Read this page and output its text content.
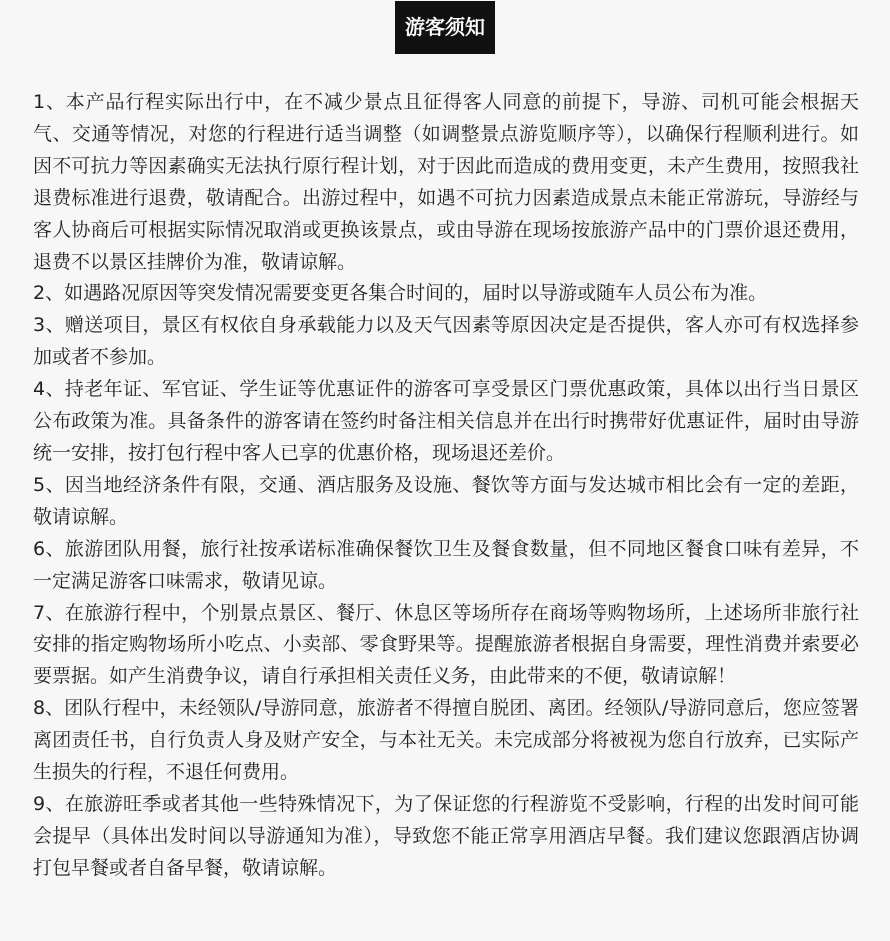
游客须知
1、本产品行程实际出行中，在不减少景点且征得客人同意的前提下，导游、司机可能会根据天气、交通等情况，对您的行程进行适当调整（如调整景点游览顺序等），以确保行程顺利进行。如因不可抗力等因素确实无法执行原行程计划，对于因此而造成的费用变更，未产生费用，按照我社退费标准进行退费，敬请配合。出游过程中，如遇不可抗力因素造成景点未能正常游玩，导游经与客人协商后可根据实际情况取消或更换该景点，或由导游在现场按旅游产品中的门票价退还费用，退费不以景区挂牌价为准，敬请谅解。
2、如遇路况原因等突发情况需要变更各集合时间的，届时以导游或随车人员公布为准。
3、赠送项目，景区有权依自身承载能力以及天气因素等原因决定是否提供，客人亦可有权选择参加或者不参加。
4、持老年证、军官证、学生证等优惠证件的游客可享受景区门票优惠政策，具体以出行当日景区公布政策为准。具备条件的游客请在签约时备注相关信息并在出行时携带好优惠证件，届时由导游统一安排，按打包行程中客人已享的优惠价格，现场退还差价。
5、因当地经济条件有限，交通、酒店服务及设施、餐饮等方面与发达城市相比会有一定的差距，敬请谅解。
6、旅游团队用餐，旅行社按承诺标准确保餐饮卫生及餐食数量，但不同地区餐食口味有差异，不一定满足游客口味需求，敬请见谅。
7、在旅游行程中，个别景点景区、餐厅、休息区等场所存在商场等购物场所，上述场所非旅行社安排的指定购物场所小吃点、小卖部、零食野果等。提醒旅游者根据自身需要，理性消费并索要必要票据。如产生消费争议，请自行承担相关责任义务，由此带来的不便，敬请谅解！
8、团队行程中，未经领队/导游同意，旅游者不得擅自脱团、离团。经领队/导游同意后，您应签署离团责任书，自行负责人身及财产安全，与本社无关。未完成部分将被视为您自行放弃，已实际产生损失的行程，不退任何费用。
9、在旅游旺季或者其他一些特殊情况下，为了保证您的行程游览不受影响，行程的出发时间可能会提早（具体出发时间以导游通知为准），导致您不能正常享用酒店早餐。我们建议您跟酒店协调打包早餐或者自备早餐，敬请谅解。
